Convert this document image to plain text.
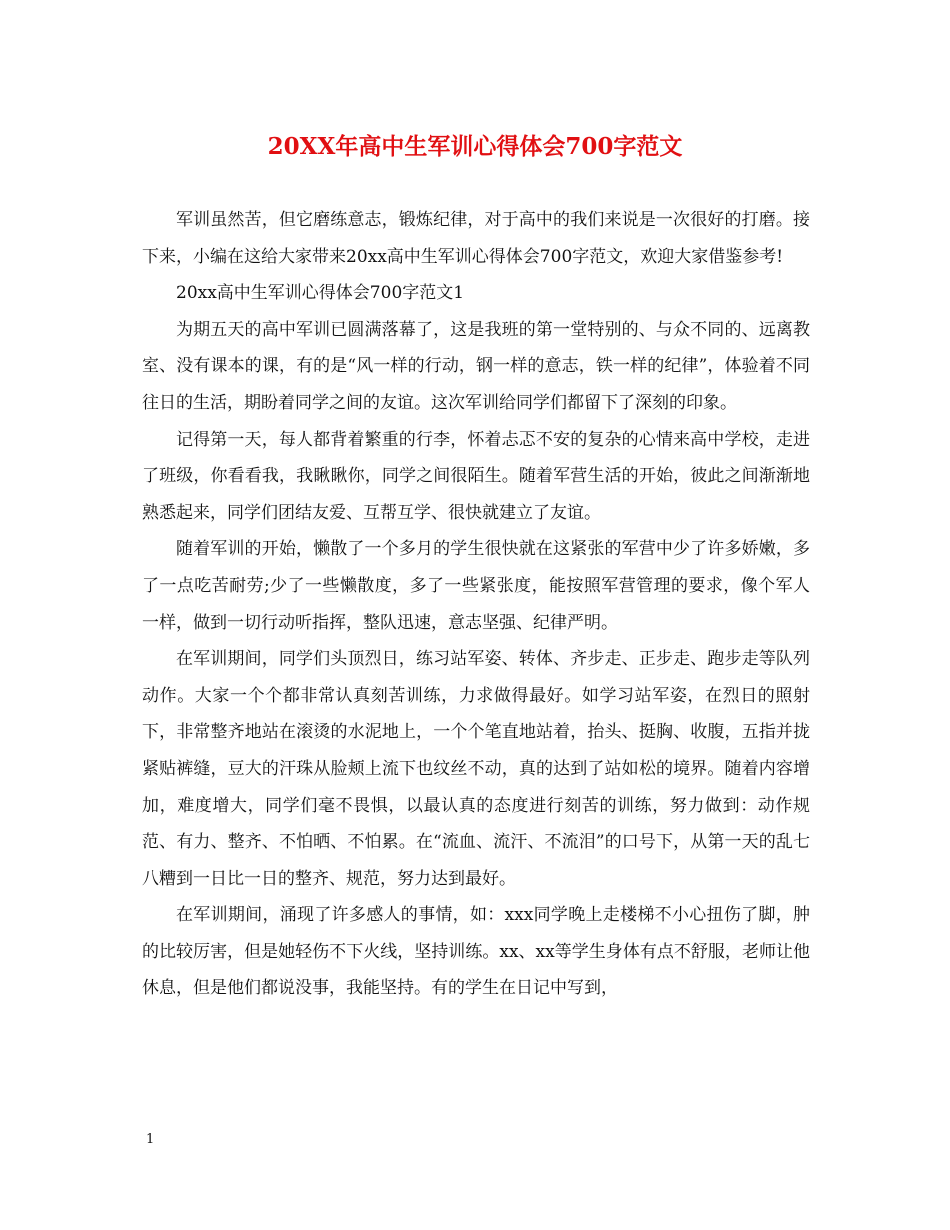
20XX年高中生军训心得体会700字范文

军训虽然苦，但它磨练意志，锻炼纪律，对于高中的我们来说是一次很好的打磨。接下来，小编在这给大家带来20xx高中生军训心得体会700字范文，欢迎大家借鉴参考!

20xx高中生军训心得体会700字范文1

为期五天的高中军训已圆满落幕了，这是我班的第一堂特别的、与众不同的、远离教室、没有课本的课，有的是“风一样的行动，钢一样的意志，铁一样的纪律”，体验着不同往日的生活，期盼着同学之间的友谊。这次军训给同学们都留下了深刻的印象。

记得第一天，每人都背着繁重的行李，怀着忐忑不安的复杂的心情来高中学校，走进了班级，你看看我，我瞅瞅你，同学之间很陌生。随着军营生活的开始，彼此之间渐渐地熟悉起来，同学们团结友爱、互帮互学、很快就建立了友谊。

随着军训的开始，懒散了一个多月的学生很快就在这紧张的军营中少了许多娇嫩，多了一点吃苦耐劳;少了一些懒散度，多了一些紧张度，能按照军营管理的要求，像个军人一样，做到一切行动听指挥，整队迅速，意志坚强、纪律严明。

在军训期间，同学们头顶烈日，练习站军姿、转体、齐步走、正步走、跑步走等队列动作。大家一个个都非常认真刻苦训练，力求做得最好。如学习站军姿，在烈日的照射下，非常整齐地站在滚烫的水泥地上，一个个笔直地站着，抬头、挺胸、收腹，五指并拢紧贴裤缝，豆大的汗珠从脸颊上流下也纹丝不动，真的达到了站如松的境界。随着内容增加，难度增大，同学们毫不畏惧，以最认真的态度进行刻苦的训练，努力做到：动作规范、有力、整齐、不怕晒、不怕累。在“流血、流汗、不流泪”的口号下，从第一天的乱七八糟到一日比一日的整齐、规范，努力达到最好。

在军训期间，涌现了许多感人的事情，如：xxx同学晚上走楼梯不小心扭伤了脚，肿的比较厉害，但是她轻伤不下火线，坚持训练。xx、xx等学生身体有点不舒服，老师让他休息，但是他们都说没事，我能坚持。有的学生在日记中写到，

1
